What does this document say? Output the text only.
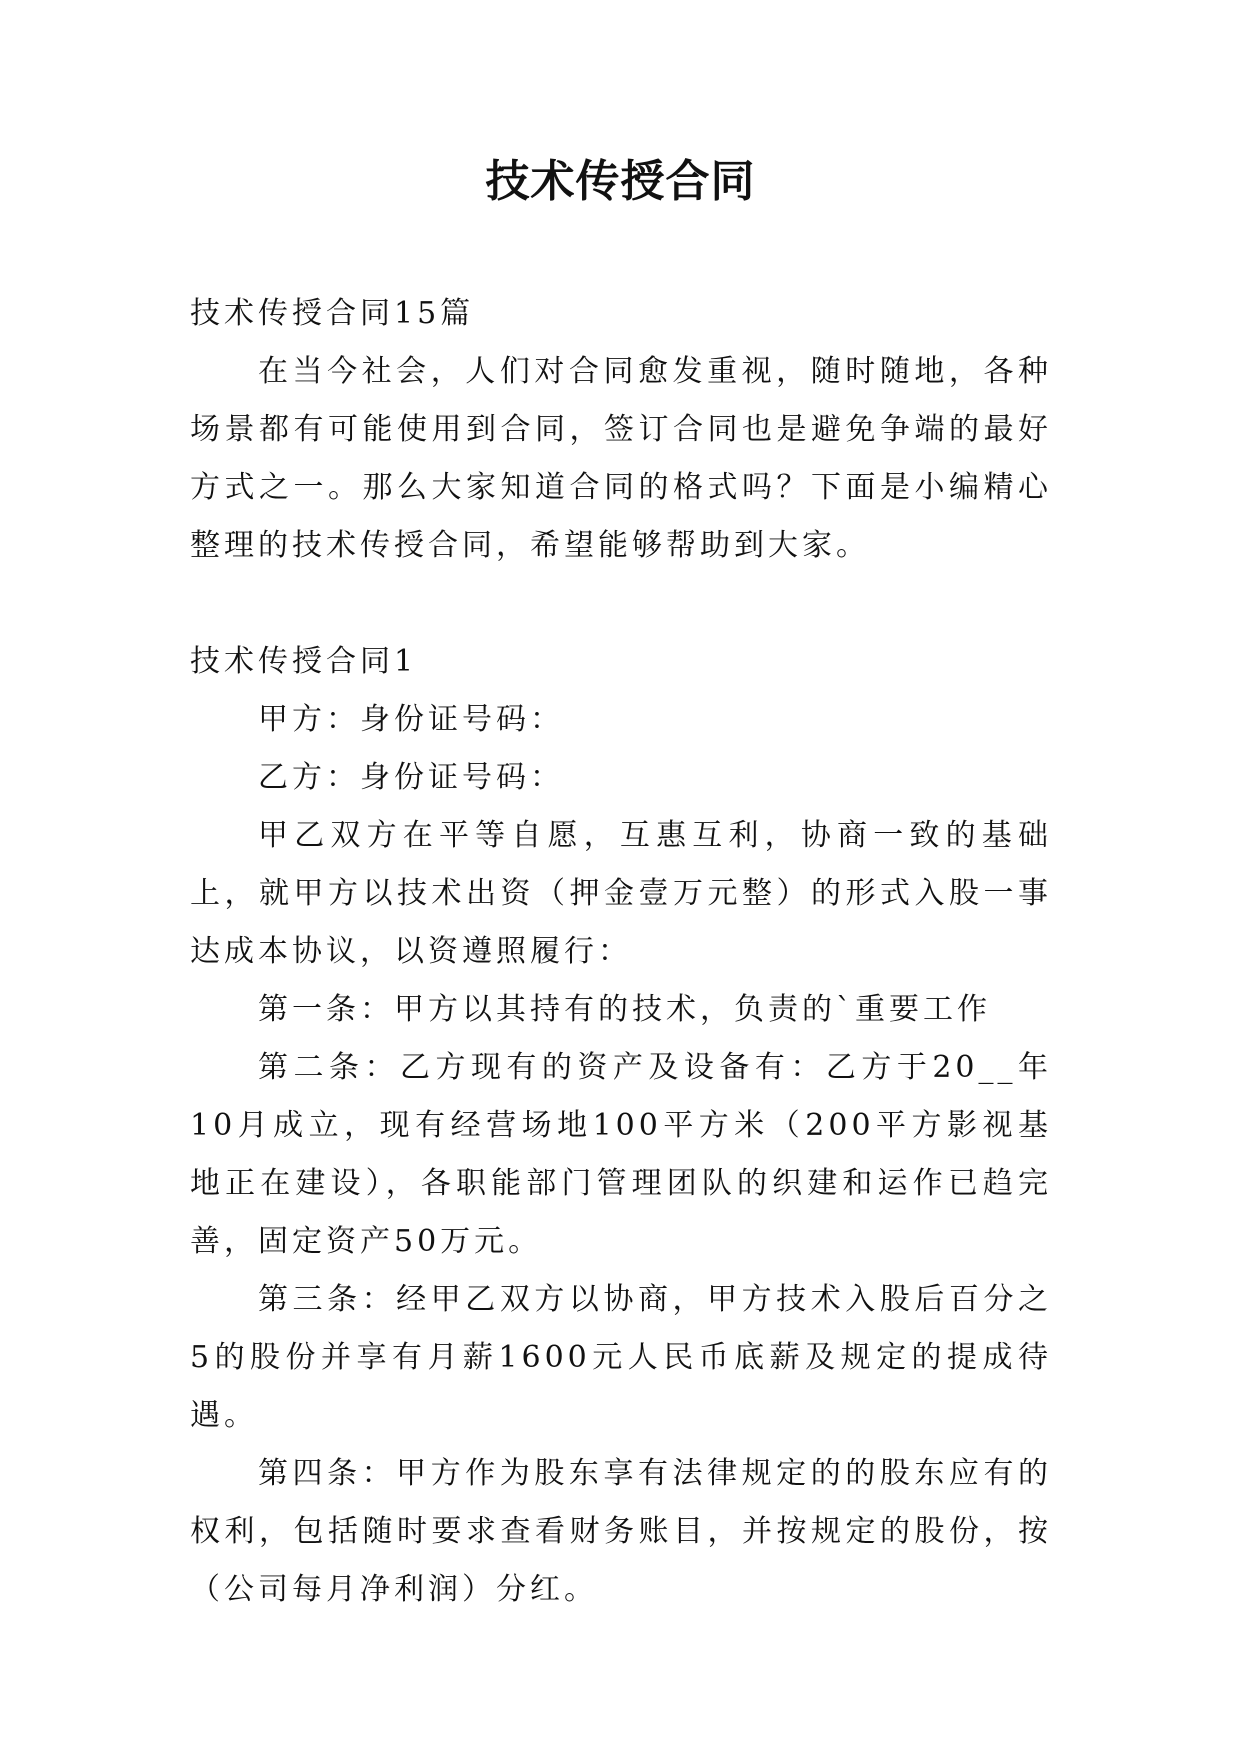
技术传授合同

技术传授合同15篇

在当今社会，人们对合同愈发重视，随时随地，各种场景都有可能使用到合同，签订合同也是避免争端的最好方式之一。那么大家知道合同的格式吗？下面是小编精心整理的技术传授合同，希望能够帮助到大家。

技术传授合同1

甲方：身份证号码：

乙方：身份证号码：

甲乙双方在平等自愿，互惠互利，协商一致的基础上，就甲方以技术出资（押金壹万元整）的形式入股一事达成本协议，以资遵照履行：

第一条：甲方以其持有的技术，负责的`重要工作

第二条：乙方现有的资产及设备有：乙方于20__年10月成立，现有经营场地100平方米（200平方影视基地正在建设），各职能部门管理团队的织建和运作已趋完善，固定资产50万元。

第三条：经甲乙双方以协商，甲方技术入股后百分之5的股份并享有月薪1600元人民币底薪及规定的提成待遇。

第四条：甲方作为股东享有法律规定的的股东应有的权利，包括随时要求查看财务账目，并按规定的股份，按（公司每月净利润）分红。
